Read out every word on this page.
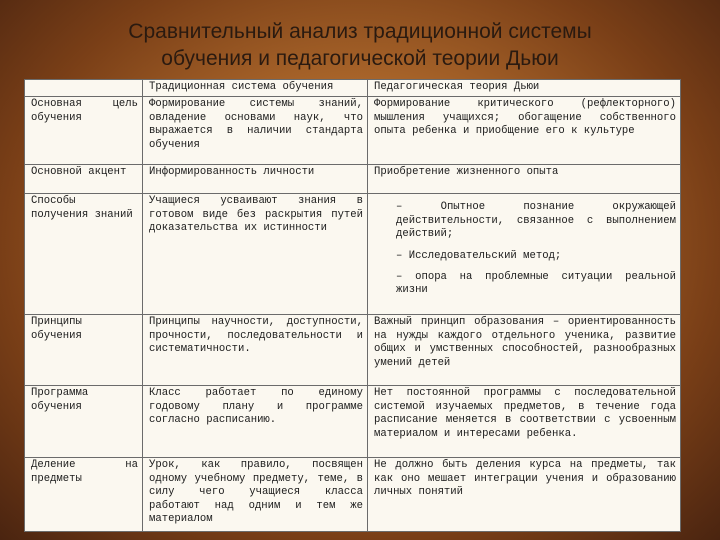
Сравнительный анализ традиционной системы
обучения и педагогической теории Дьюи
	Традиционная система обучения	Педагогическая теория Дьюи
Основная цель обучения	Формирование системы знаний, овладение основами наук, что выражается в наличии стандарта обучения	Формирование критического (рефлекторного) мышления учащихся; обогащение собственного опыта ребенка и приобщение его к культуре
Основной акцент	Информированность личности	Приобретение жизненного опыта
Способы получения знаний	Учащиеся усваивают знания в готовом виде без раскрытия путей доказательства их истинности	– Опытное познание окружающей действительности, связанное с выполнением действий;
– Исследовательский метод;
– опора на проблемные ситуации реальной жизни

Принципы обучения	Принципы научности, доступности, прочности, последовательности и систематичности.	Важный принцип образования – ориентированность на нужды каждого отдельного ученика, развитие общих и умственных способностей, разнообразных умений детей
Программа обучения	Класс работает по единому годовому плану и программе согласно расписанию.	Нет постоянной программы с последовательной системой изучаемых предметов, в течение года расписание меняется в соответствии с усвоенным материалом и интересами ребенка.
Деление на предметы	Урок, как правило, посвящен одному учебному предмету, теме, в силу чего учащиеся класса работают над одним и тем же материалом	Не должно быть деления курса на предметы, так как оно мешает интеграции учения и образованию личных понятий
